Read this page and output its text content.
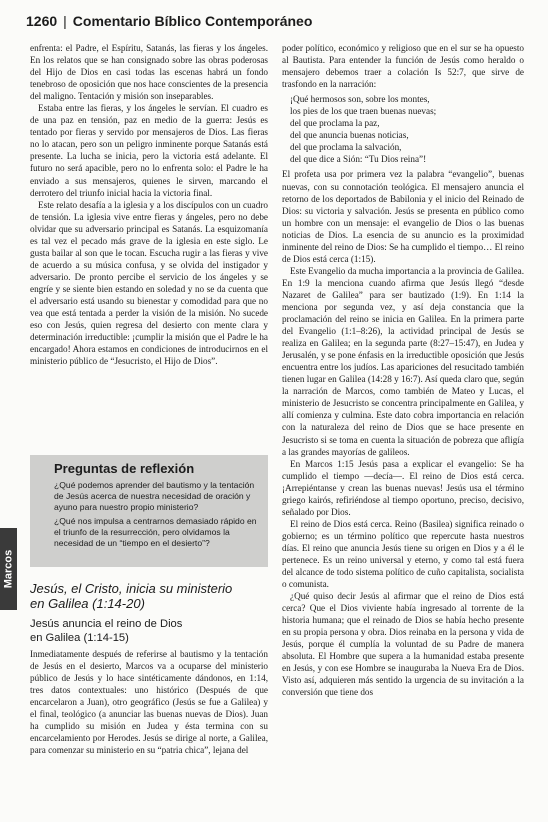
1260 | Comentario Bíblico Contemporáneo
Marcos

enfrenta: el Padre, el Espíritu, Satanás, las fieras y los ángeles. En los relatos que se han consignado sobre las obras poderosas del Hijo de Dios en casi todas las escenas habrá un fondo tenebroso de oposición que nos hace conscientes de la presencia del maligno. Tentación y misión son inseparables.

Estaba entre las fieras, y los ángeles le servían. El cuadro es de una paz en tensión, paz en medio de la guerra: Jesús es tentado por fieras y servido por mensajeros de Dios. Las fieras no lo atacan, pero son un peligro inminente porque Satanás está presente. La lucha se inicia, pero la victoria está adelante. El futuro no será apacible, pero no lo enfrenta solo: el Padre le ha enviado a sus mensajeros, quienes le sirven, marcando el derrotero del triunfo inicial hacia la victoria final.

Este relato desafía a la iglesia y a los discípulos con un cuadro de tensión. La iglesia vive entre fieras y ángeles, pero no debe olvidar que su adversario principal es Satanás. La esquizomanía es tal vez el pecado más grave de la iglesia en este siglo. Le gusta bailar al son que le tocan. Escucha rugir a las fieras y vive de acuerdo a su música confusa, y se olvida del instigador y adversario. De pronto percibe el servicio de los ángeles y se engríe y se siente bien estando en soledad y no se da cuenta que el adversario está usando su bienestar y comodidad para que no vea que está tentada a perder la visión de la misión. No sucede eso con Jesús, quien regresa del desierto con mente clara y determinación irreductible: ¡cumplir la misión que el Padre le ha encargado! Ahora estamos en condiciones de introducirnos en el ministerio público de “Jesucristo, el Hijo de Dios”.

Preguntas de reflexión

¿Qué podemos aprender del bautismo y la tentación de Jesús acerca de nuestra necesidad de oración y ayuno para nuestro propio ministerio?

¿Qué nos impulsa a centrarnos demasiado rápido en el triunfo de la resurrección, pero olvidamos la necesidad de un “tiempo en el desierto”?

Jesús, el Cristo, inicia su ministerio
en Galilea (1:14-20)
Jesús anuncia el reino de Dios
en Galilea (1:14-15)

Inmediatamente después de referirse al bautismo y la tentación de Jesús en el desierto, Marcos va a ocuparse del ministerio público de Jesús y lo hace sintéticamente dándonos, en 1:14, tres datos contextuales: uno histórico (Después de que encarcelaron a Juan), otro geográfico (Jesús se fue a Galilea) y el final, teológico (a anunciar las buenas nuevas de Dios). Juan ha cumplido su misión en Judea y ésta termina con su encarcelamiento por Herodes. Jesús se dirige al norte, a Galilea, para comenzar su ministerio en su “patria chica”, lejana del

poder político, económico y religioso que en el sur se ha opuesto al Bautista. Para entender la función de Jesús como heraldo o mensajero debemos traer a colación Is 52:7, que sirve de trasfondo en la narración:

¡Qué hermosos son, sobre los montes,
los pies de los que traen buenas nuevas;
del que proclama la paz,
del que anuncia buenas noticias,
del que proclama la salvación,
del que dice a Sión: “Tu Dios reina”!

El profeta usa por primera vez la palabra “evangelio”, buenas nuevas, con su connotación teológica. El mensajero anuncia el retorno de los deportados de Babilonia y el inicio del Reinado de Dios: su victoria y salvación. Jesús se presenta en público como un hombre con un mensaje: el evangelio de Dios o las buenas noticias de Dios. La esencia de su anuncio es la proximidad inminente del reino de Dios: Se ha cumplido el tiempo… El reino de Dios está cerca (1:15).

Este Evangelio da mucha importancia a la provincia de Galilea. En 1:9 la menciona cuando afirma que Jesús llegó “desde Nazaret de Galilea” para ser bautizado (1:9). En 1:14 la menciona por segunda vez, y así deja constancia que la proclamación del reino se inicia en Galilea. En la primera parte del Evangelio (1:1–8:26), la actividad principal de Jesús se realiza en Galilea; en la segunda parte (8:27–15:47), en Judea y Jerusalén, y se pone énfasis en la irreductible oposición que Jesús encuentra entre los judíos. Las apariciones del resucitado también tienen lugar en Galilea (14:28 y 16:7). Así queda claro que, según la narración de Marcos, como también de Mateo y Lucas, el ministerio de Jesucristo se concentra principalmente en Galilea, y allí comienza y culmina. Este dato cobra importancia en relación con la naturaleza del reino de Dios que se hace presente en Jesucristo si se toma en cuenta la situación de pobreza que afligía a las grandes mayorías de galileos.

En Marcos 1:15 Jesús pasa a explicar el evangelio: Se ha cumplido el tiempo —decía—. El reino de Dios está cerca. ¡Arrepiéntanse y crean las buenas nuevas! Jesús usa el término griego kairós, refiriéndose al tiempo oportuno, preciso, decisivo, señalado por Dios.

El reino de Dios está cerca. Reino (Basilea) significa reinado o gobierno; es un término político que repercute hasta nuestros días. El reino que anuncia Jesús tiene su origen en Dios y a él le pertenece. Es un reino universal y eterno, y como tal está fuera del alcance de todo sistema político de cuño capitalista, socialista o comunista.

¿Qué quiso decir Jesús al afirmar que el reino de Dios está cerca? Que el Dios viviente había ingresado al torrente de la historia humana; que el reinado de Dios se había hecho presente en su propia persona y obra. Dios reinaba en la persona y vida de Jesús, porque él cumplía la voluntad de su Padre de manera absoluta. El Hombre que supera a la humanidad estaba presente en Jesús, y con ese Hombre se inauguraba la Nueva Era de Dios. Visto así, adquieren más sentido la urgencia de su invitación a la conversión que tiene dos
